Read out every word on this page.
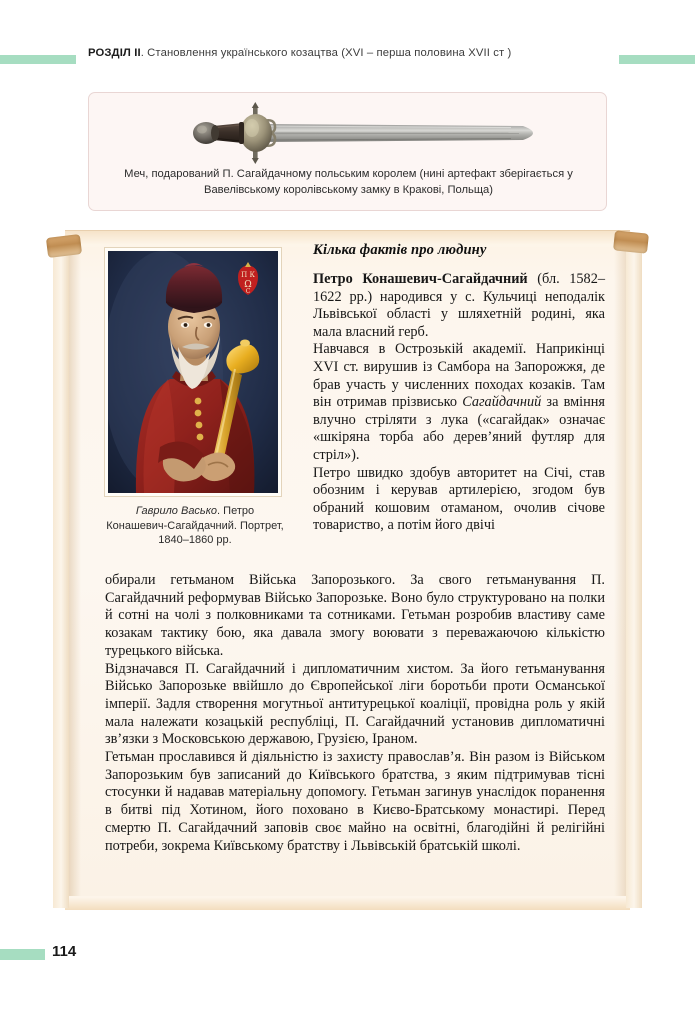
РОЗДІЛ II. Становлення українського козацтва (XVI – перша половина XVII ст )
Меч, подарований П. Сагайдачному польським королем (нині артефакт зберігається у Вавелівському королівському замку в Кракові, Польща)
П К
Ω
С
Гаврило Васько. Петро Конашевич-Сагайдачний. Портрет, 1840–1860 рр.
Кілька фактів про людину

Петро Конашевич-Сагайдачний (бл. 1582–1622 рр.) народився у с. Кульчиці неподалік Львівської області у шляхетній родині, яка мала власний герб.

Навчався в Острозькій академії. Наприкінці XVI ст. вирушив із Самбора на Запорожжя, де брав участь у численних походах козаків. Там він отримав прізвисько Сагайдачний за вміння влучно стріляти з лука («сагайдак» означає «шкіряна торба або дерев’яний футляр для стріл»).

Петро швидко здобув авторитет на Січі, став обозним і керував артилерією, згодом був обраний кошовим отаманом, очолив січове товариство, а потім його двічі

обирали гетьманом Війська Запорозького. За свого гетьманування П. Сагайдачний реформував Військо Запорозьке. Воно було структуровано на полки й сотні на чолі з полковниками та сотниками. Гетьман розробив властиву саме козакам тактику бою, яка давала змогу воювати з переважаючою кількістю турецького війська.

Відзначався П. Сагайдачний і дипломатичним хистом. За його гетьманування Військо Запорозьке ввійшло до Європейської ліги боротьби проти Османської імперії. Задля створення могутньої антитурецької коаліції, провідна роль у якій мала належати козацькій республіці, П. Сагайдачний установив дипломатичні зв’язки з Московською державою, Грузією, Іраном.

Гетьман прославився й діяльністю із захисту православ’я. Він разом із Військом Запорозьким був записаний до Київського братства, з яким підтримував тісні стосунки й надавав матеріальну допомогу. Гетьман загинув унаслідок поранення в битві під Хотином, його поховано в Києво-Братському монастирі. Перед смертю П. Сагайдачний заповів своє майно на освітні, благодійні й релігійні потреби, зокрема Київському братству і Львівській братській школі.

114
